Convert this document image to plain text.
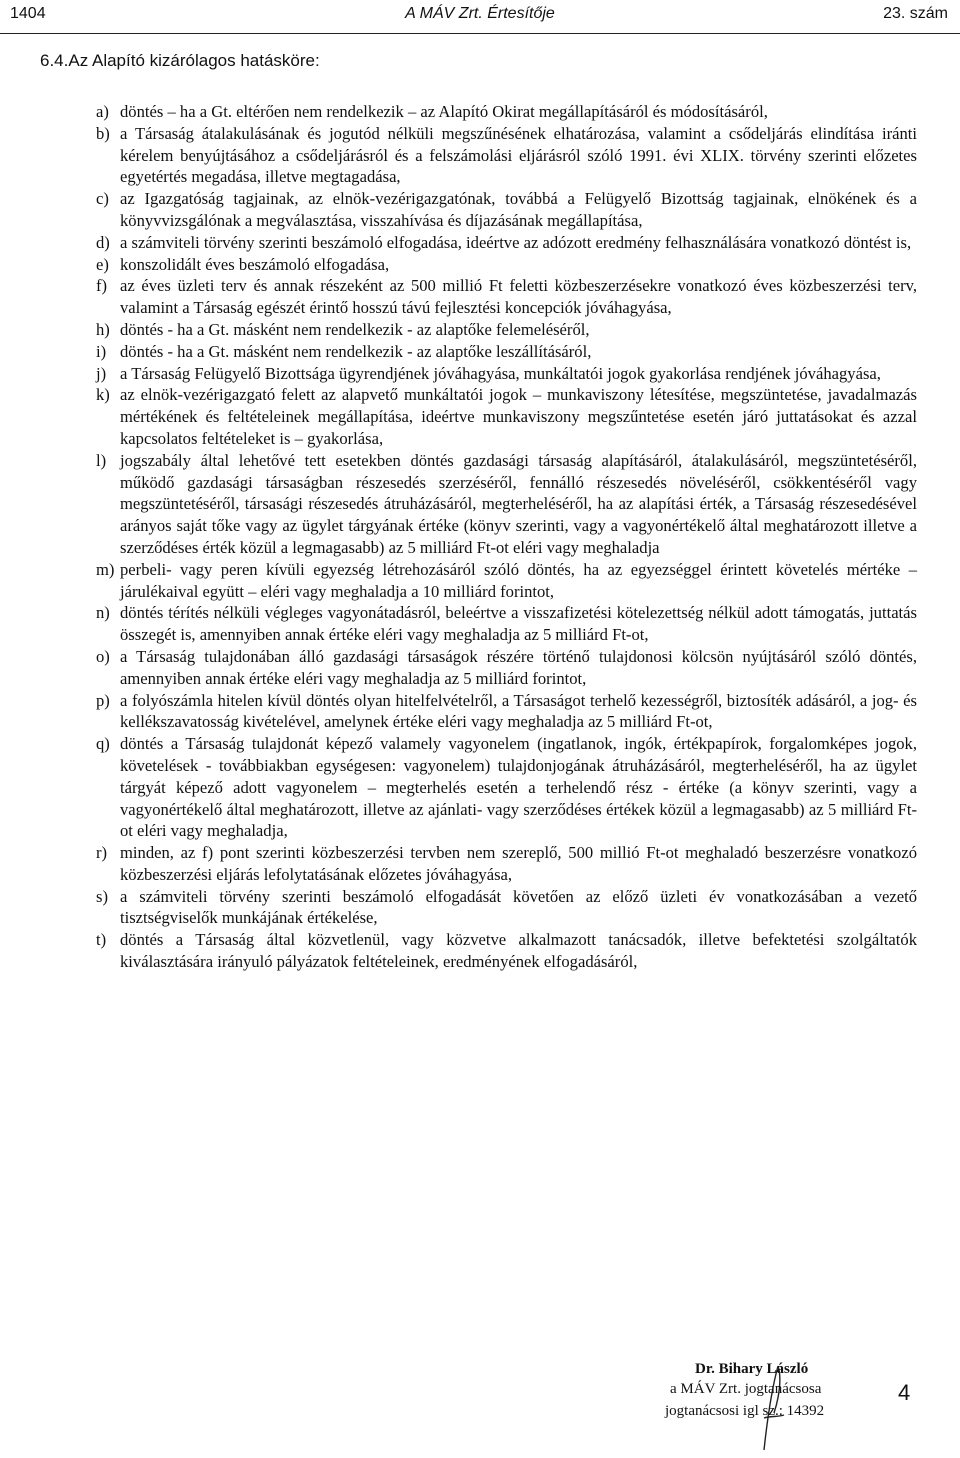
1404	A MÁV Zrt. Értesítője	23. szám
6.4.Az Alapító kizárólagos hatásköre:

a) döntés – ha a Gt. eltérően nem rendelkezik – az Alapító Okirat megállapításáról és módosításáról,

b) a Társaság átalakulásának és jogutód nélküli megszűnésének elhatározása, valamint a csődeljárás elindítása iránti kérelem benyújtásához a csődeljárásról és a felszámolási eljárásról szóló 1991. évi XLIX. törvény szerinti előzetes egyetértés megadása, illetve megtagadása,

c) az Igazgatóság tagjainak, az elnök-vezérigazgatónak, továbbá a Felügyelő Bizottság tagjainak, elnökének és a könyvvizsgálónak a megválasztása, visszahívása és díjazásának megállapítása,

d) a számviteli törvény szerinti beszámoló elfogadása, ideértve az adózott eredmény felhasználására vonatkozó döntést is,

e) konszolidált éves beszámoló elfogadása,

f) az éves üzleti terv és annak részeként az 500 millió Ft feletti közbeszerzésekre vonatkozó éves közbeszerzési terv, valamint a Társaság egészét érintő hosszú távú fejlesztési koncepciók jóváhagyása,

h) döntés - ha a Gt. másként nem rendelkezik - az alaptőke felemeléséről,

i) döntés - ha a Gt. másként nem rendelkezik - az alaptőke leszállításáról,

j) a Társaság Felügyelő Bizottsága ügyrendjének jóváhagyása, munkáltatói jogok gyakorlása rendjének jóváhagyása,

k) az elnök-vezérigazgató felett az alapvető munkáltatói jogok – munkaviszony létesítése, megszüntetése, javadalmazás mértékének és feltételeinek megállapítása, ideértve munkaviszony megszűntetése esetén járó juttatásokat és azzal kapcsolatos feltételeket is – gyakorlása,

l) jogszabály által lehetővé tett esetekben döntés gazdasági társaság alapításáról, átalakulásáról, megszüntetéséről, működő gazdasági társaságban részesedés szerzéséről, fennálló részesedés növeléséről, csökkentéséről vagy megszüntetéséről, társasági részesedés átruházásáról, megterheléséről, ha az alapítási érték, a Társaság részesedésével arányos saját tőke vagy az ügylet tárgyának értéke (könyv szerinti, vagy a vagyonértékelő által meghatározott illetve a szerződéses érték közül a legmagasabb) az 5 milliárd Ft-ot eléri vagy meghaladja

m) perbeli- vagy peren kívüli egyezség létrehozásáról szóló döntés, ha az egyezséggel érintett követelés mértéke – járulékaival együtt – eléri vagy meghaladja a 10 milliárd forintot,

n) döntés térítés nélküli végleges vagyonátadásról, beleértve a visszafizetési kötelezettség nélkül adott támogatás, juttatás összegét is, amennyiben annak értéke eléri vagy meghaladja az 5 milliárd Ft-ot,

o) a Társaság tulajdonában álló gazdasági társaságok részére történő tulajdonosi kölcsön nyújtásáról szóló döntés, amennyiben annak értéke eléri vagy meghaladja az 5 milliárd forintot,

p) a folyószámla hitelen kívül döntés olyan hitelfelvételről, a Társaságot terhelő kezességről, biztosíték adásáról, a jog- és kellékszavatosság kivételével, amelynek értéke eléri vagy meghaladja az 5 milliárd Ft-ot,

q) döntés a Társaság tulajdonát képező valamely vagyonelem (ingatlanok, ingók, értékpapírok, forgalomképes jogok, követelések - továbbiakban egységesen: vagyonelem) tulajdonjogának átruházásáról, megterheléséről, ha az ügylet tárgyát képező adott vagyonelem – megterhelés esetén a terhelendő rész - értéke (a könyv szerinti, vagy a vagyonértékelő által meghatározott, illetve az ajánlati- vagy szerződéses értékek közül a legmagasabb) az 5 milliárd Ft-ot eléri vagy meghaladja,

r) minden, az f) pont szerinti közbeszerzési tervben nem szereplő, 500 millió Ft-ot meghaladó beszerzésre vonatkozó közbeszerzési eljárás lefolytatásának előzetes jóváhagyása,

s) a számviteli törvény szerinti beszámoló elfogadását követően az előző üzleti év vonatkozásában a vezető tisztségviselők munkájának értékelése,

t) döntés a Társaság által közvetlenül, vagy közvetve alkalmazott tanácsadók, illetve befektetési szolgáltatók kiválasztására irányuló pályázatok feltételeinek, eredményének elfogadásáról,

Dr. Bihary László
a MÁV Zrt. jogtanácsosa
jogtanácsosi igl sz.: 14392
4
